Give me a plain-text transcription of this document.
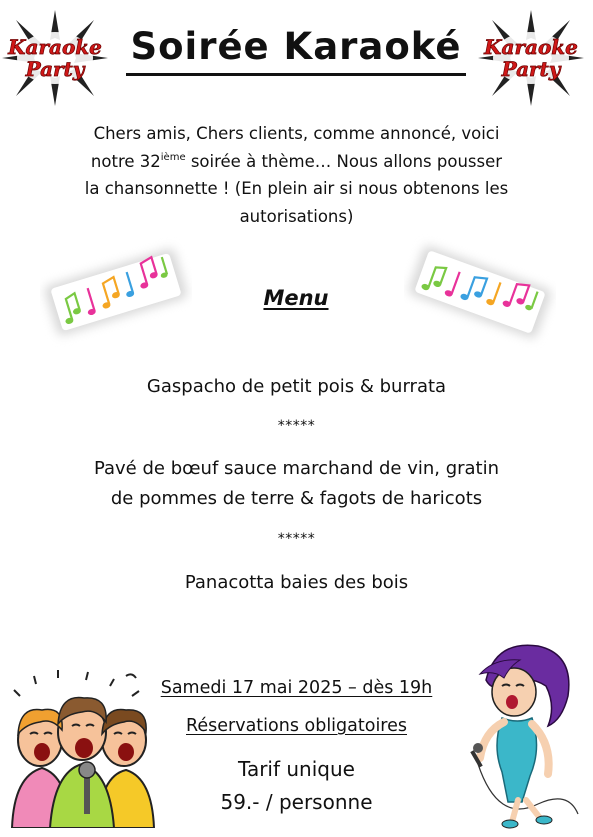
Karaoke
Party
Karaoke
Party
Soirée Karaoké
Chers amis, Chers clients, comme annoncé, voici
notre 32ième soirée à thème… Nous allons pousser
la chansonnette ! (En plein air si nous obtenons les
autorisations)
Menu
Gaspacho de petit pois & burrata
*****
Pavé de bœuf sauce marchand de vin, gratin
de pommes de terre & fagots de haricots
*****
Panacotta baies des bois
Samedi 17 mai 2025 – dès 19h
Réservations obligatoires
Tarif unique
59.- / personne
